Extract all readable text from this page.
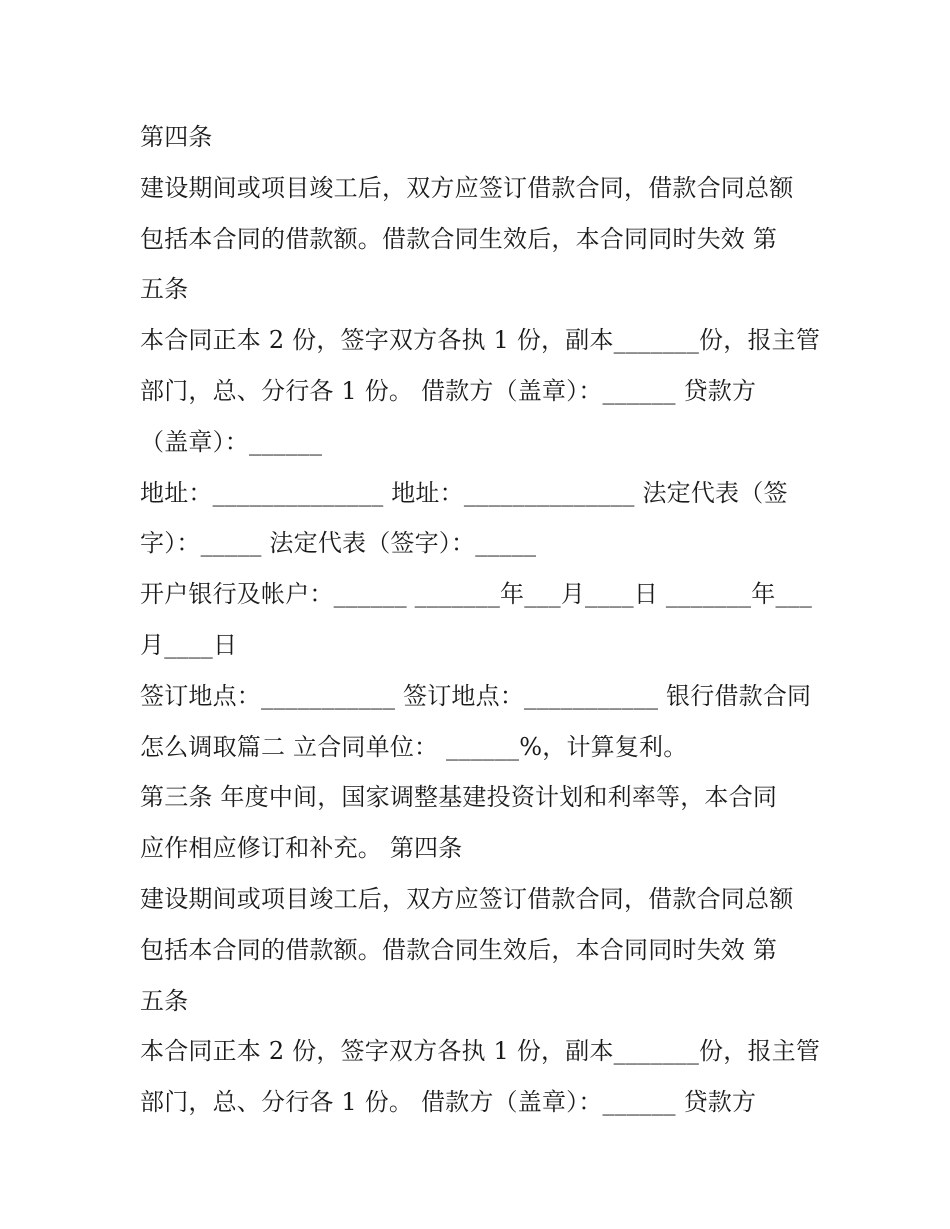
第四条
建设期间或项目竣工后，双方应签订借款合同，借款合同总额
包括本合同的借款额。借款合同生效后，本合同同时失效 第
五条
本合同正本 2 份，签字双方各执 1 份，副本_______份，报主管
部门，总、分行各 1 份。 借款方（盖章）：______ 贷款方
（盖章）：______
地址：______________ 地址：______________ 法定代表（签
字）：_____ 法定代表（签字）：_____
开户银行及帐户：______ _______年___月____日 _______年___
月____日
签订地点：___________ 签订地点：___________ 银行借款合同
怎么调取篇二 立合同单位： ______%，计算复利。
第三条 年度中间，国家调整基建投资计划和利率等，本合同
应作相应修订和补充。 第四条
建设期间或项目竣工后，双方应签订借款合同，借款合同总额
包括本合同的借款额。借款合同生效后，本合同同时失效 第
五条
本合同正本 2 份，签字双方各执 1 份，副本_______份，报主管
部门，总、分行各 1 份。 借款方（盖章）：______ 贷款方
